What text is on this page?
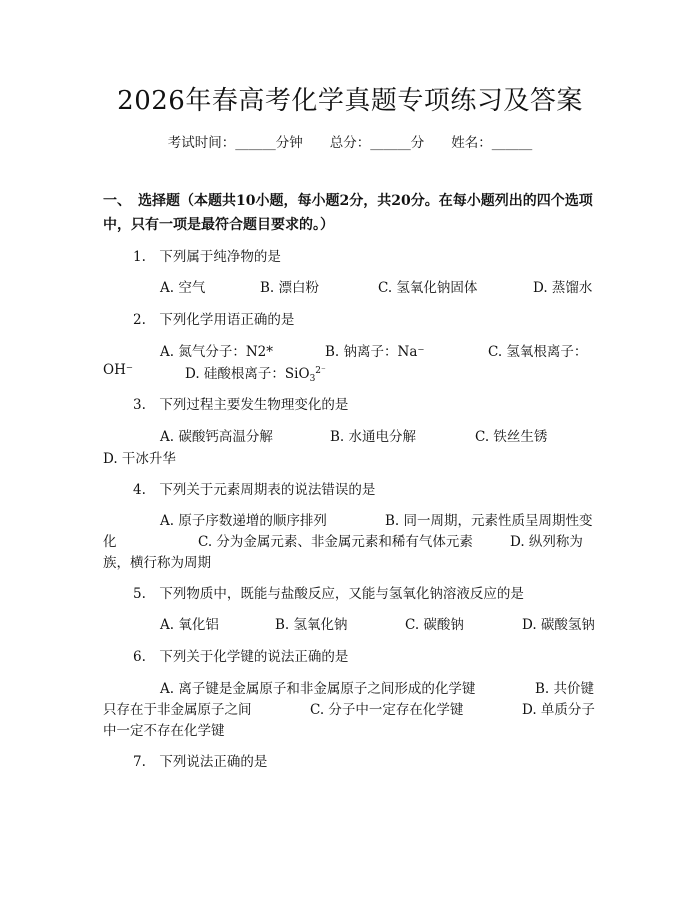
2026年春高考化学真题专项练习及答案
考试时间：______分钟　　总分：______分　　姓名：______
一、　选择题（本题共10小题，每小题2分，共20分。在每小题列出的四个选项中，只有一项是最符合题目要求的。）
1.　下列属于纯净物的是
A. 空气	B. 漂白粉	C. 氢氧化钠固体	D. 蒸馏水
2.　下列化学用语正确的是
A. 氮气分子：N2*	B. 钠离子：Na⁻	C. 氢氧根离子：
OH⁻	D. 硅酸根离子：SiO$_3^{2^-}$
3.　下列过程主要发生物理变化的是
A. 碳酸钙高温分解	B. 水通电分解	C. 铁丝生锈
D. 干冰升华
4.　下列关于元素周期表的说法错误的是
A. 原子序数递增的顺序排列	B. 同一周期，元素性质呈周期性变
化	C. 分为金属元素、非金属元素和稀有气体元素	D. 纵列称为
族，横行称为周期
5.　下列物质中，既能与盐酸反应，又能与氢氧化钠溶液反应的是
A. 氧化铝	B. 氢氧化钠	C. 碳酸钠	D. 碳酸氢钠
6.　下列关于化学键的说法正确的是
A. 离子键是金属原子和非金属原子之间形成的化学键	B. 共价键
只存在于非金属原子之间	C. 分子中一定存在化学键	D. 单质分子
中一定不存在化学键
7.　下列说法正确的是
